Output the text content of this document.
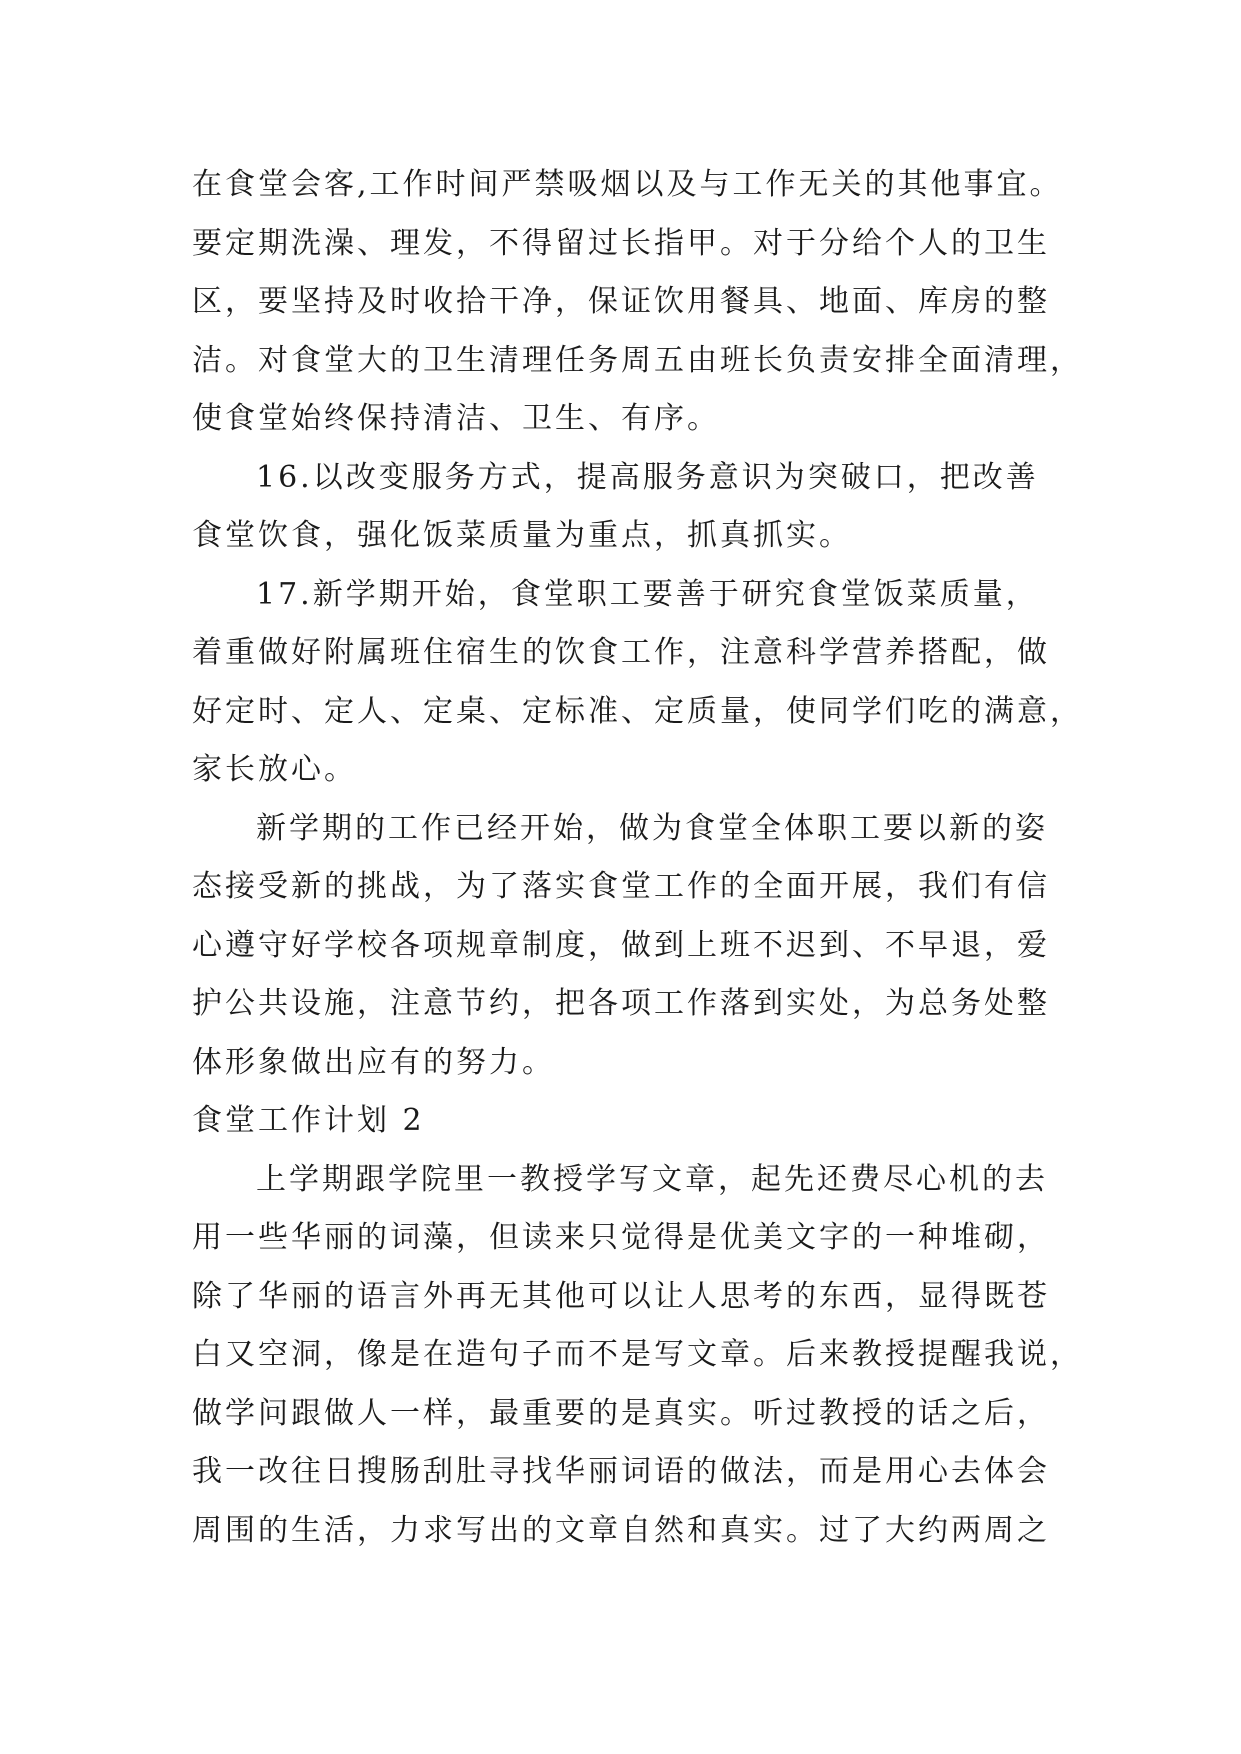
在食堂会客,工作时间严禁吸烟以及与工作无关的其他事宜。
要定期洗澡、理发，不得留过长指甲。对于分给个人的卫生
区，要坚持及时收拾干净，保证饮用餐具、地面、库房的整
洁。对食堂大的卫生清理任务周五由班长负责安排全面清理，
使食堂始终保持清洁、卫生、有序。
16.以改变服务方式，提高服务意识为突破口，把改善
食堂饮食，强化饭菜质量为重点，抓真抓实。
17.新学期开始，食堂职工要善于研究食堂饭菜质量，
着重做好附属班住宿生的饮食工作，注意科学营养搭配，做
好定时、定人、定桌、定标准、定质量，使同学们吃的满意，
家长放心。
新学期的工作已经开始，做为食堂全体职工要以新的姿
态接受新的挑战，为了落实食堂工作的全面开展，我们有信
心遵守好学校各项规章制度，做到上班不迟到、不早退，爱
护公共设施，注意节约，把各项工作落到实处，为总务处整
体形象做出应有的努力。
食堂工作计划 2
上学期跟学院里一教授学写文章，起先还费尽心机的去
用一些华丽的词藻，但读来只觉得是优美文字的一种堆砌，
除了华丽的语言外再无其他可以让人思考的东西，显得既苍
白又空洞，像是在造句子而不是写文章。后来教授提醒我说，
做学问跟做人一样，最重要的是真实。听过教授的话之后，
我一改往日搜肠刮肚寻找华丽词语的做法，而是用心去体会
周围的生活，力求写出的文章自然和真实。过了大约两周之
